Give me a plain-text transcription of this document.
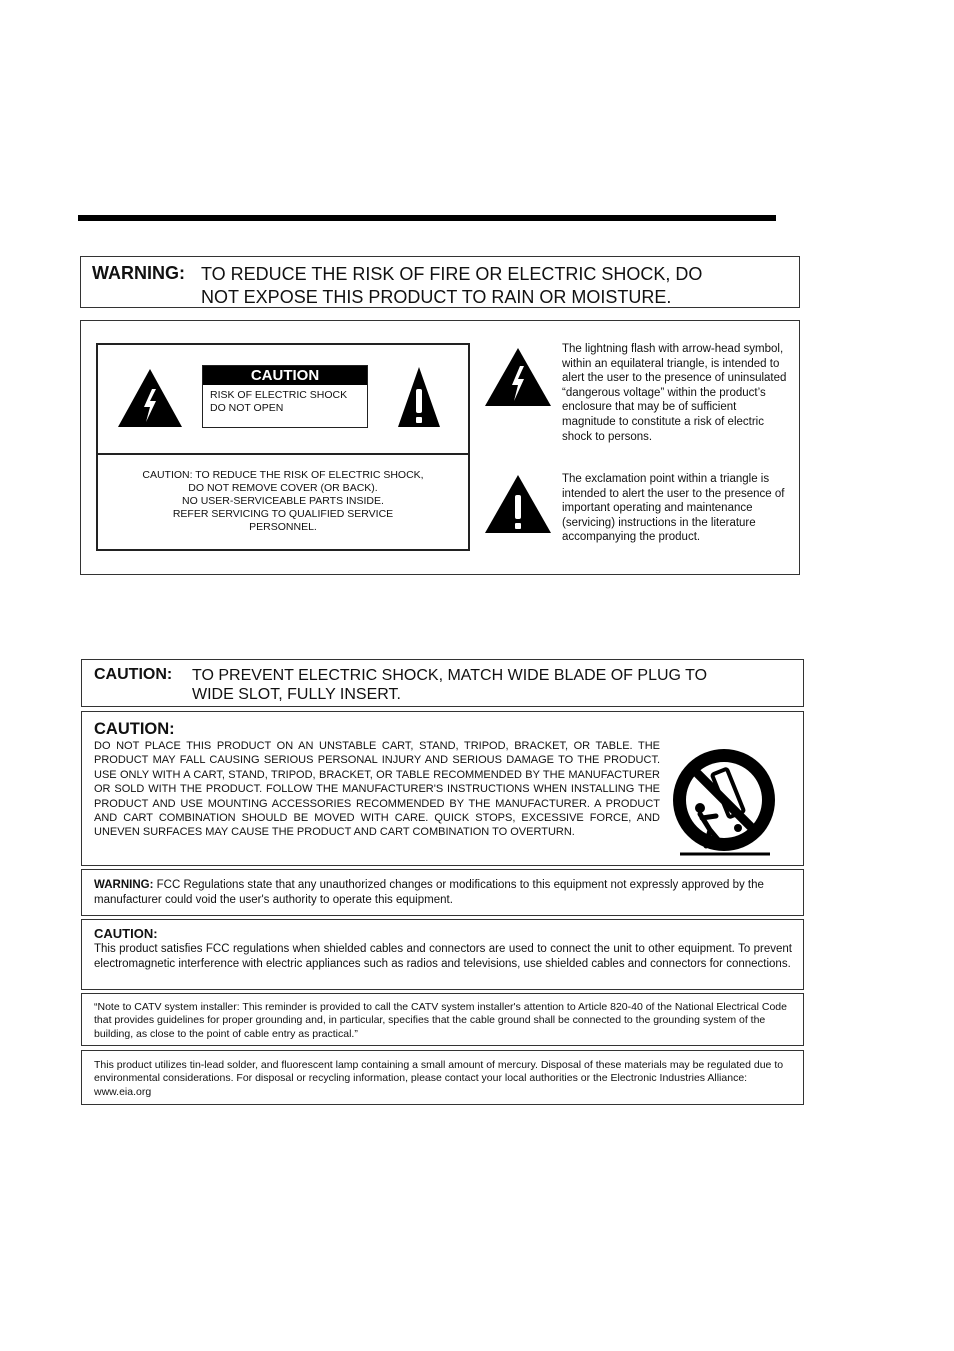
WARNING: TO REDUCE THE RISK OF FIRE OR ELECTRIC SHOCK, DO
NOT EXPOSE THIS PRODUCT TO RAIN OR MOISTURE.
CAUTION
RISK OF ELECTRIC SHOCK
DO NOT OPEN
CAUTION: TO REDUCE THE RISK OF ELECTRIC SHOCK,
DO NOT REMOVE COVER (OR BACK).
NO USER-SERVICEABLE PARTS INSIDE.
REFER SERVICING TO QUALIFIED SERVICE
PERSONNEL.
The lightning flash with arrow-head symbol, within an equilateral triangle, is intended to alert the user to the presence of uninsulated “dangerous voltage” within the product’s enclosure that may be of sufficient magnitude to constitute a risk of electric shock to persons.
The exclamation point within a triangle is intended to alert the user to the presence of important operating and maintenance (servicing) instructions in the literature accompanying the product.
CAUTION: TO PREVENT ELECTRIC SHOCK, MATCH WIDE BLADE OF PLUG TO
WIDE SLOT, FULLY INSERT.
CAUTION:
DO NOT PLACE THIS PRODUCT ON AN UNSTABLE CART, STAND, TRIPOD, BRACKET, OR TABLE. THE PRODUCT MAY FALL CAUSING SERIOUS PERSONAL INJURY AND SERIOUS DAMAGE TO THE PRODUCT. USE ONLY WITH A CART, STAND, TRIPOD, BRACKET, OR TABLE RECOMMENDED BY THE MANUFACTURER OR SOLD WITH THE PRODUCT. FOLLOW THE MANUFACTURER'S INSTRUCTIONS WHEN INSTALLING THE PRODUCT AND USE MOUNTING ACCESSORIES RECOMMENDED BY THE MANUFACTURER. A PRODUCT AND CART COMBINATION SHOULD BE MOVED WITH CARE. QUICK STOPS, EXCESSIVE FORCE, AND UNEVEN SURFACES MAY CAUSE THE PRODUCT AND CART COMBINATION TO OVERTURN.
WARNING: FCC Regulations state that any unauthorized changes or modifications to this equipment not expressly approved by the manufacturer could void the user's authority to operate this equipment.
CAUTION:
This product satisfies FCC regulations when shielded cables and connectors are used to connect the unit to other equipment. To prevent electromagnetic interference with electric appliances such as radios and televisions, use shielded cables and connectors for connections.
“Note to CATV system installer: This reminder is provided to call the CATV system installer's attention to Article 820-40 of the National Electrical Code that provides guidelines for proper grounding and, in particular, specifies that the cable ground shall be connected to the grounding system of the building, as close to the point of cable entry as practical.”
This product utilizes tin-lead solder, and fluorescent lamp containing a small amount of mercury. Disposal of these materials may be regulated due to environmental considerations. For disposal or recycling information, please contact your local authorities or the Electronic Industries Alliance: www.eia.org
